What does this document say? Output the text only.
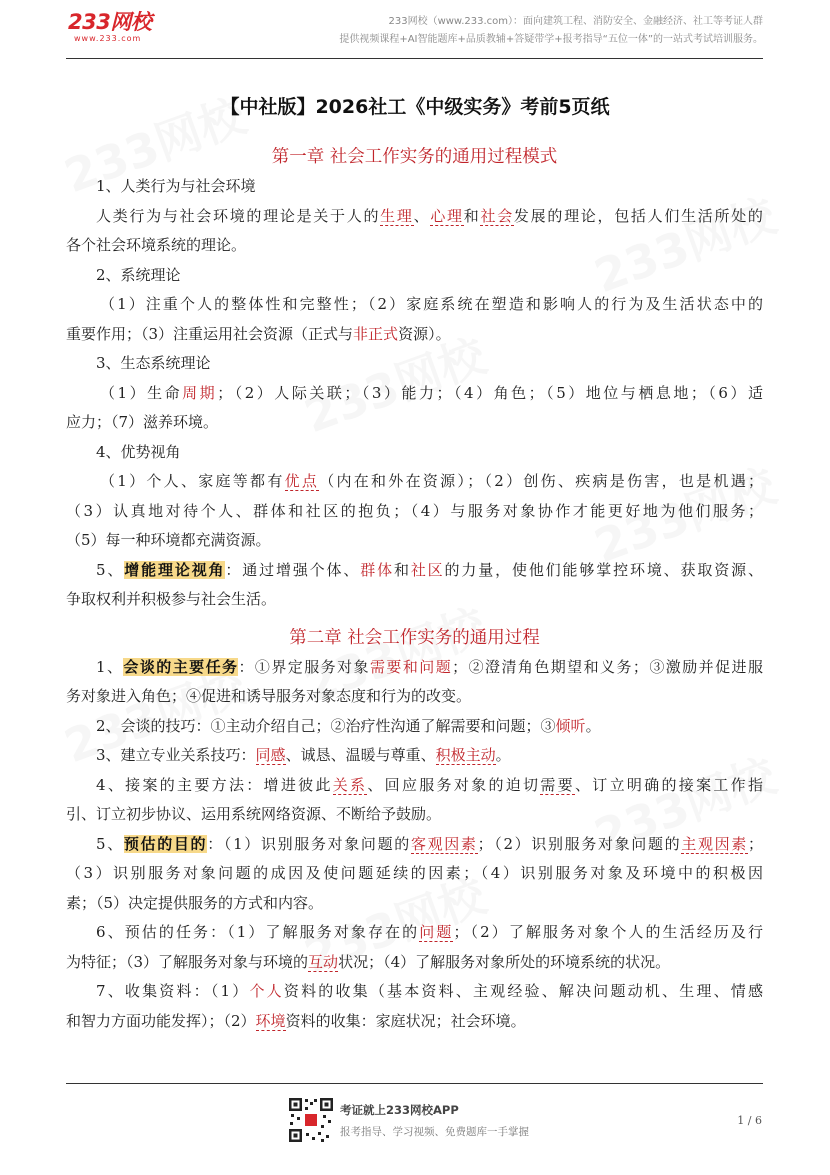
233网校
www.233.com
233网校（www.233.com）：面向建筑工程、消防安全、金融经济、社工等考证人群
提供视频课程+AI智能题库+品质教辅+答疑带学+报考指导“五位一体”的一站式考试培训服务。
【中社版】2026社工《中级实务》考前5页纸

第一章 社会工作实务的通用过程模式

1、人类行为与社会环境

人类行为与社会环境的理论是关于人的生理、心理和社会发展的理论，包括人们生活所处的

各个社会环境系统的理论。

2、系统理论

（1）注重个人的整体性和完整性；（2）家庭系统在塑造和影响人的行为及生活状态中的

重要作用；（3）注重运用社会资源（正式与非正式资源）。

3、生态系统理论

（1）生命周期；（2）人际关联；（3）能力；（4）角色；（5）地位与栖息地；（6）适

应力；（7）滋养环境。

4、优势视角

（1）个人、家庭等都有优点（内在和外在资源）；（2）创伤、疾病是伤害，也是机遇；

（3）认真地对待个人、群体和社区的抱负；（4）与服务对象协作才能更好地为他们服务；

（5）每一种环境都充满资源。

5、增能理论视角：通过增强个体、群体和社区的力量，使他们能够掌控环境、获取资源、

争取权利并积极参与社会生活。

第二章 社会工作实务的通用过程

1、会谈的主要任务：①界定服务对象需要和问题；②澄清角色期望和义务；③激励并促进服

务对象进入角色；④促进和诱导服务对象态度和行为的改变。

2、会谈的技巧：①主动介绍自己；②治疗性沟通了解需要和问题；③倾听。

3、建立专业关系技巧：同感、诚恳、温暖与尊重、积极主动。

4、接案的主要方法：增进彼此关系、回应服务对象的迫切需要、订立明确的接案工作指

引、订立初步协议、运用系统网络资源、不断给予鼓励。

5、预估的目的：（1）识别服务对象问题的客观因素；（2）识别服务对象问题的主观因素；

（3）识别服务对象问题的成因及使问题延续的因素；（4）识别服务对象及环境中的积极因

素；（5）决定提供服务的方式和内容。

6、预估的任务：（1）了解服务对象存在的问题；（2）了解服务对象个人的生活经历及行

为特征；（3）了解服务对象与环境的互动状况；（4）了解服务对象所处的环境系统的状况。

7、收集资料：（1）个人资料的收集（基本资料、主观经验、解决问题动机、生理、情感

和智力方面功能发挥）；（2）环境资料的收集：家庭状况；社会环境。

考证就上233网校APP
报考指导、学习视频、免费题库一手掌握
1 / 6
